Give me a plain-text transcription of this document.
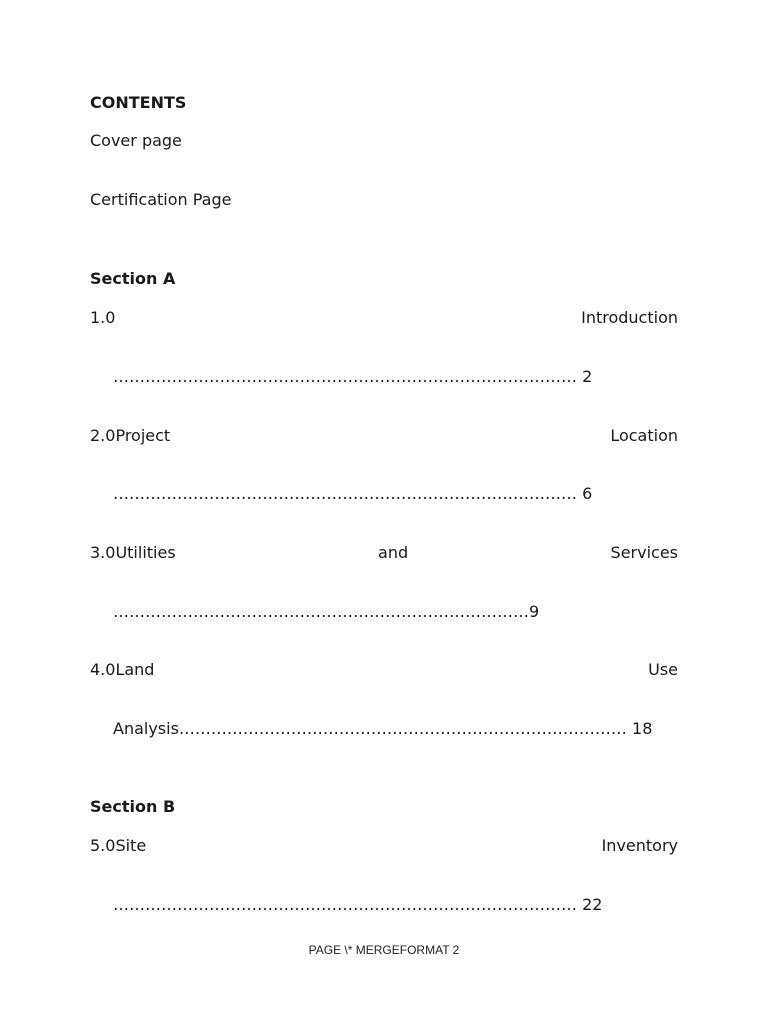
CONTENTS
Cover page
Certification Page
Section A
1.0	Introduction
…………………………………………………………………………… 2
2.0Project	Location
…………………………………………………………………………… 6
3.0Utilities	and	Services
……………………………………………………………………9
4.0Land	Use
Analysis………………………………………………………………………… 18
Section B
5.0Site	Inventory
…………………………………………………………………………… 22
PAGE \* MERGEFORMAT 2
